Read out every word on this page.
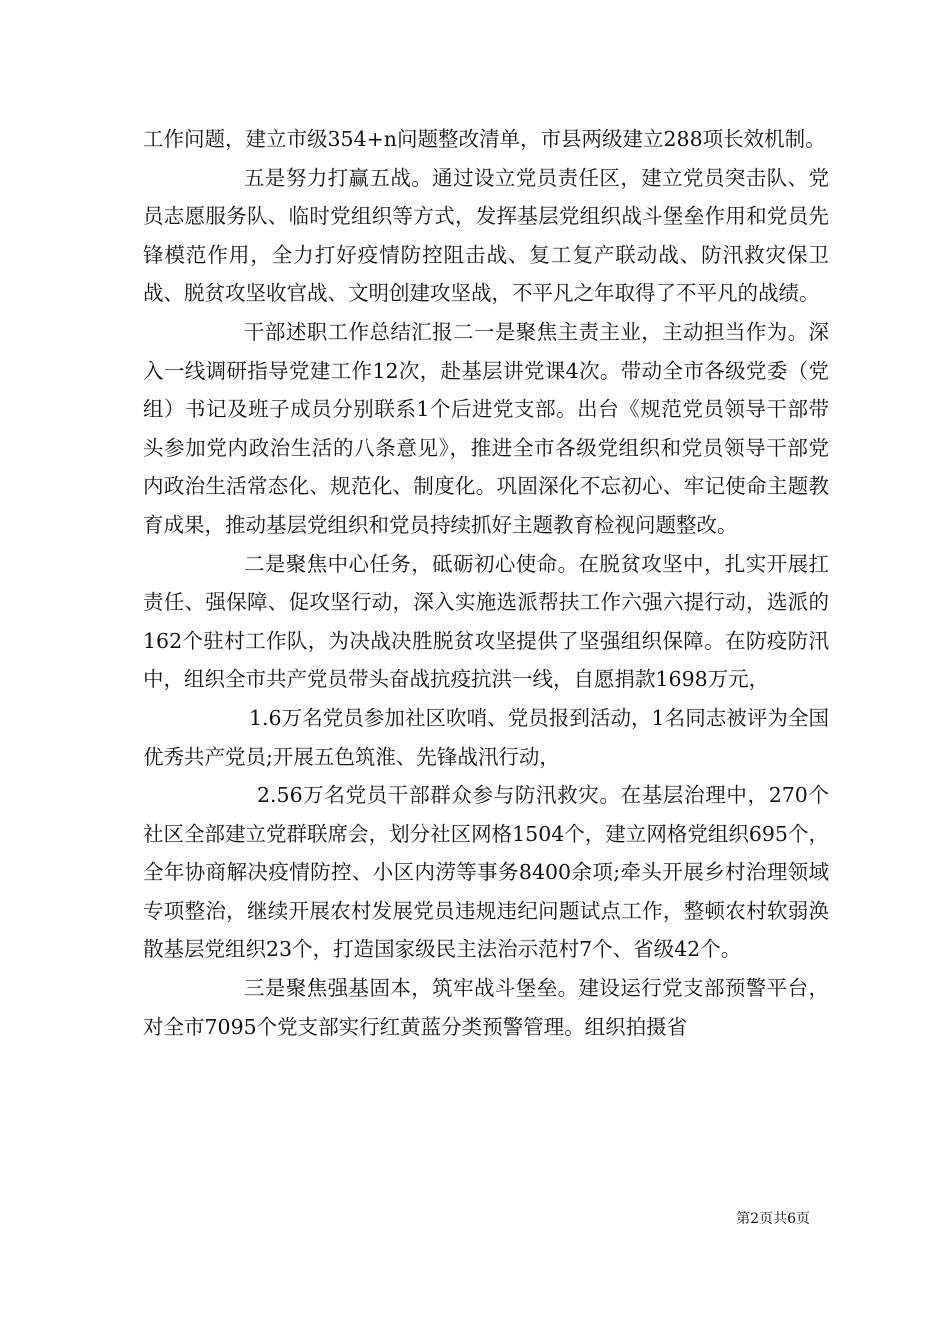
工作问题，建立市级354+n问题整改清单，市县两级建立288项长效机制。

五是努力打赢五战。通过设立党员责任区，建立党员突击队、党员志愿服务队、临时党组织等方式，发挥基层党组织战斗堡垒作用和党员先锋模范作用，全力打好疫情防控阻击战、复工复产联动战、防汛救灾保卫战、脱贫攻坚收官战、文明创建攻坚战，不平凡之年取得了不平凡的战绩。

干部述职工作总结汇报二一是聚焦主责主业，主动担当作为。深入一线调研指导党建工作12次，赴基层讲党课4次。带动全市各级党委（党组）书记及班子成员分别联系1个后进党支部。出台《规范党员领导干部带头参加党内政治生活的八条意见》，推进全市各级党组织和党员领导干部党内政治生活常态化、规范化、制度化。巩固深化不忘初心、牢记使命主题教育成果，推动基层党组织和党员持续抓好主题教育检视问题整改。

二是聚焦中心任务，砥砺初心使命。在脱贫攻坚中，扎实开展扛责任、强保障、促攻坚行动，深入实施选派帮扶工作六强六提行动，选派的162个驻村工作队，为决战决胜脱贫攻坚提供了坚强组织保障。在防疫防汛中，组织全市共产党员带头奋战抗疫抗洪一线，自愿捐款1698万元，

1.6万名党员参加社区吹哨、党员报到活动，1名同志被评为全国优秀共产党员;开展五色筑淮、先锋战汛行动，

2.56万名党员干部群众参与防汛救灾。在基层治理中，270个社区全部建立党群联席会，划分社区网格1504个，建立网格党组织695个，全年协商解决疫情防控、小区内涝等事务8400余项;牵头开展乡村治理领域专项整治，继续开展农村发展党员违规违纪问题试点工作，整顿农村软弱涣散基层党组织23个，打造国家级民主法治示范村7个、省级42个。

三是聚焦强基固本，筑牢战斗堡垒。建设运行党支部预警平台，对全市7095个党支部实行红黄蓝分类预警管理。组织拍摄省

第2页共6页
